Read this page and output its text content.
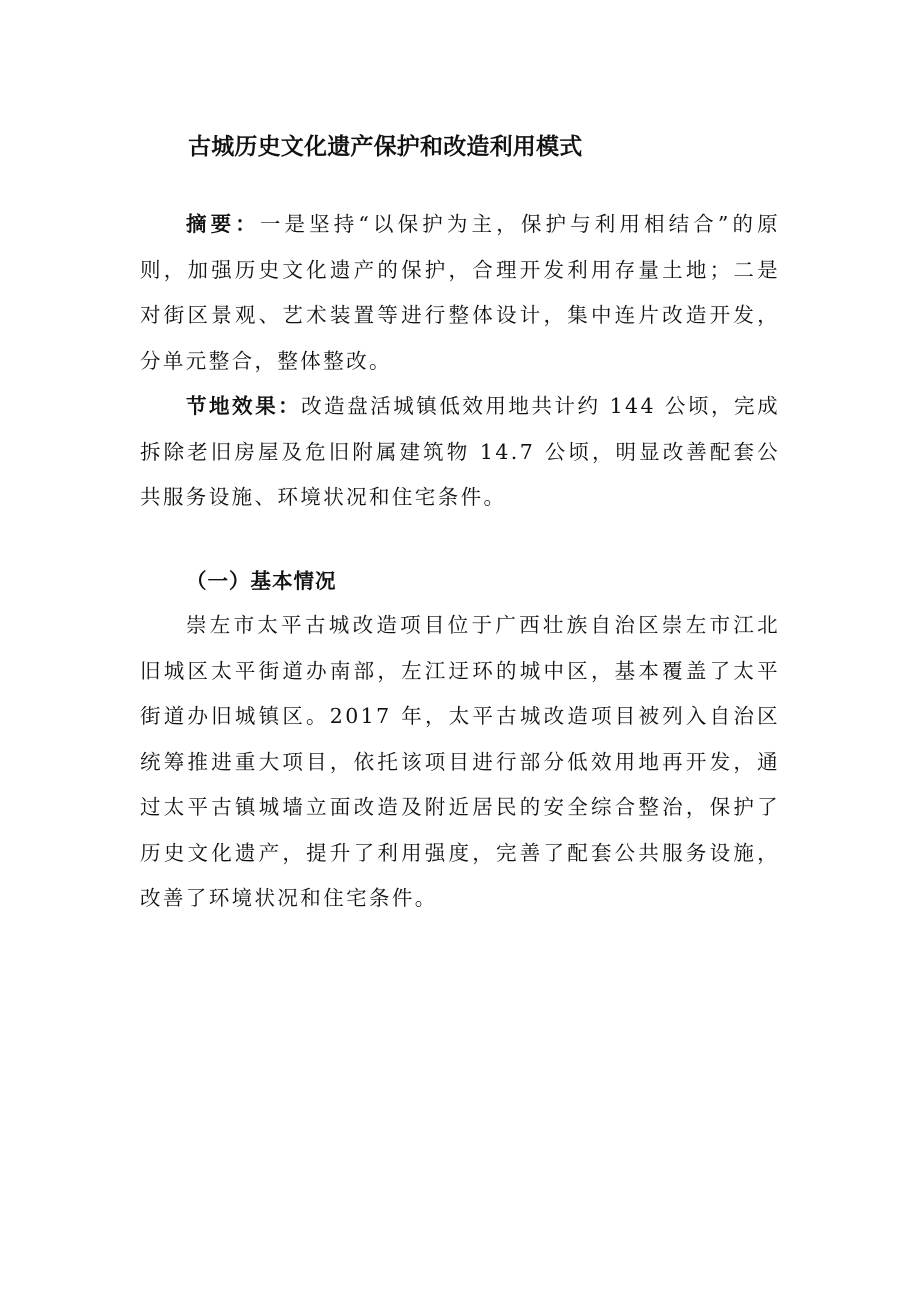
古城历史文化遗产保护和改造利用模式

摘要：一是坚持“以保护为主，保护与利用相结合”的原则，加强历史文化遗产的保护，合理开发利用存量土地；二是对街区景观、艺术装置等进行整体设计，集中连片改造开发，分单元整合，整体整改。

节地效果：改造盘活城镇低效用地共计约 144 公顷，完成拆除老旧房屋及危旧附属建筑物 14.7 公顷，明显改善配套公共服务设施、环境状况和住宅条件。

（一）基本情况

崇左市太平古城改造项目位于广西壮族自治区崇左市江北旧城区太平街道办南部，左江迂环的城中区，基本覆盖了太平街道办旧城镇区。2017 年，太平古城改造项目被列入自治区统筹推进重大项目，依托该项目进行部分低效用地再开发，通过太平古镇城墙立面改造及附近居民的安全综合整治，保护了历史文化遗产，提升了利用强度，完善了配套公共服务设施，改善了环境状况和住宅条件。
